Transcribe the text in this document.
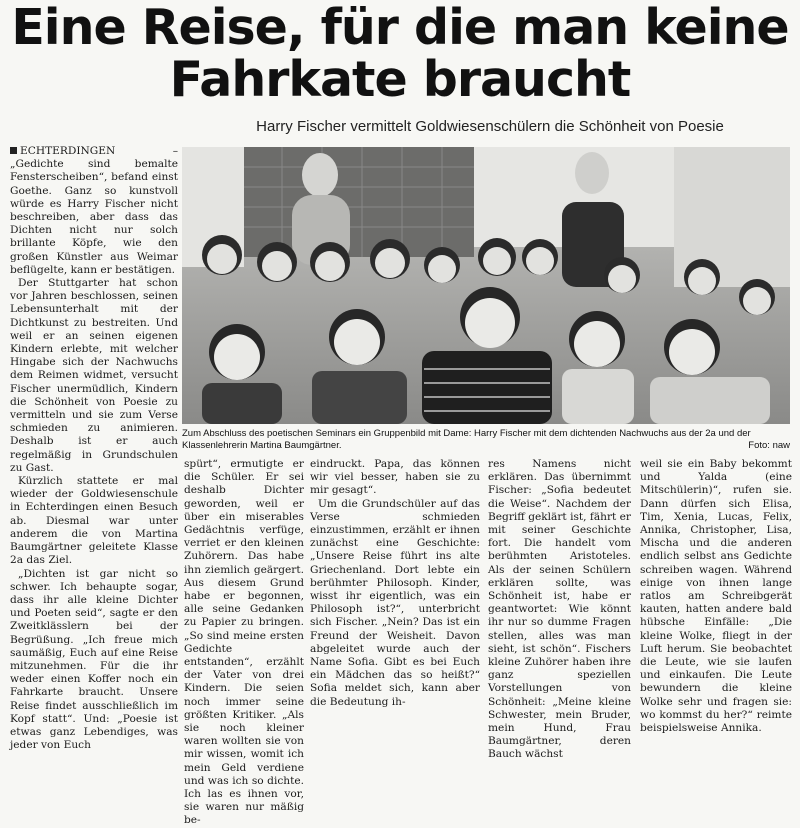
Eine Reise, für die man keine Fahrkate braucht
Harry Fischer vermittelt Goldwiesenschülern die Schönheit von Poesie

ECHTERDINGEN – „Gedichte sind bemalte Fensterscheiben“, befand einst Goethe. Ganz so kunstvoll würde es Harry Fischer nicht beschreiben, aber dass das Dichten nicht nur solch brillante Köpfe, wie den großen Künstler aus Weimar beflügelte, kann er bestätigen.

Der Stuttgarter hat schon vor Jahren beschlossen, seinen Lebensunterhalt mit der Dichtkunst zu bestreiten. Und weil er an seinen eigenen Kindern erlebte, mit welcher Hingabe sich der Nachwuchs dem Reimen widmet, versucht Fischer unermüdlich, Kindern die Schönheit von Poesie zu vermitteln und sie zum Verse schmieden zu animieren. Deshalb ist er auch regelmäßig in Grundschulen zu Gast.

Kürzlich stattete er mal wieder der Goldwiesenschule in Echterdingen einen Besuch ab. Diesmal war unter anderem die von Martina Baumgärtner geleitete Klasse 2a das Ziel.

„Dichten ist gar nicht so schwer. Ich behaupte sogar, dass ihr alle kleine Dichter und Poeten seid“, sagte er den Zweitklässlern bei der Begrüßung. „Ich freue mich saumäßig, Euch auf eine Reise mitzunehmen. Für die ihr weder einen Koffer noch ein Fahrkarte braucht. Unsere Reise findet ausschließlich im Kopf statt“. Und: „Poesie ist etwas ganz Lebendiges, was jeder von Euch

Zum Abschluss des poetischen Seminars ein Gruppenbild mit Dame: Harry Fischer mit dem dichtenden Nachwuchs aus der 2a und der Klassenlehrerin Martina Baumgärtner.	Foto: naw

spürt“, ermutigte er die Schüler. Er sei deshalb Dichter geworden, weil er über ein miserables Gedächtnis verfüge, verriet er den kleinen Zuhörern. Das habe ihn ziemlich geärgert. Aus diesem Grund habe er begonnen, alle seine Gedanken zu Papier zu bringen. „So sind meine ersten Gedichte entstanden“, erzählt der Vater von drei Kindern. Die seien noch immer seine größten Kritiker. „Als sie noch kleiner waren wollten sie von mir wissen, womit ich mein Geld verdiene und was ich so dichte. Ich las es ihnen vor, sie waren nur mäßig be-

eindruckt. Papa, das können wir viel besser, haben sie zu mir gesagt“.

Um die Grundschüler auf das Verse schmieden einzustimmen, erzählt er ihnen zunächst eine Geschichte: „Unsere Reise führt ins alte Griechenland. Dort lebte ein berühmter Philosoph. Kinder, wisst ihr eigentlich, was ein Philosoph ist?“, unterbricht sich Fischer. „Nein? Das ist ein Freund der Weisheit. Davon abgeleitet wurde auch der Name Sofia. Gibt es bei Euch ein Mädchen das so heißt?“ Sofia meldet sich, kann aber die Bedeutung ih-

res Namens nicht erklären. Das übernimmt Fischer: „Sofia bedeutet die Weise“. Nachdem der Begriff geklärt ist, fährt er mit seiner Geschichte fort. Die handelt vom berühmten Aristoteles. Als der seinen Schülern erklären sollte, was Schönheit ist, habe er geantwortet: Wie könnt ihr nur so dumme Fragen stellen, alles was man sieht, ist schön“. Fischers kleine Zuhörer haben ihre ganz speziellen Vorstellungen von Schönheit: „Meine kleine Schwester, mein Bruder, mein Hund, Frau Baumgärtner, deren Bauch wächst

weil sie ein Baby bekommt und Yalda (eine Mitschülerin)“, rufen sie. Dann dürfen sich Elisa, Tim, Xenia, Lucas, Felix, Annika, Christopher, Lisa, Mischa und die anderen endlich selbst ans Gedichte schreiben wagen. Während einige von ihnen lange ratlos am Schreibgerät kauten, hatten andere bald hübsche Einfälle: „Die kleine Wolke, fliegt in der Luft herum. Sie beobachtet die Leute, wie sie laufen und einkaufen. Die Leute bewundern die kleine Wolke sehr und fragen sie: wo kommst du her?“ reimte beispielsweise Annika.
